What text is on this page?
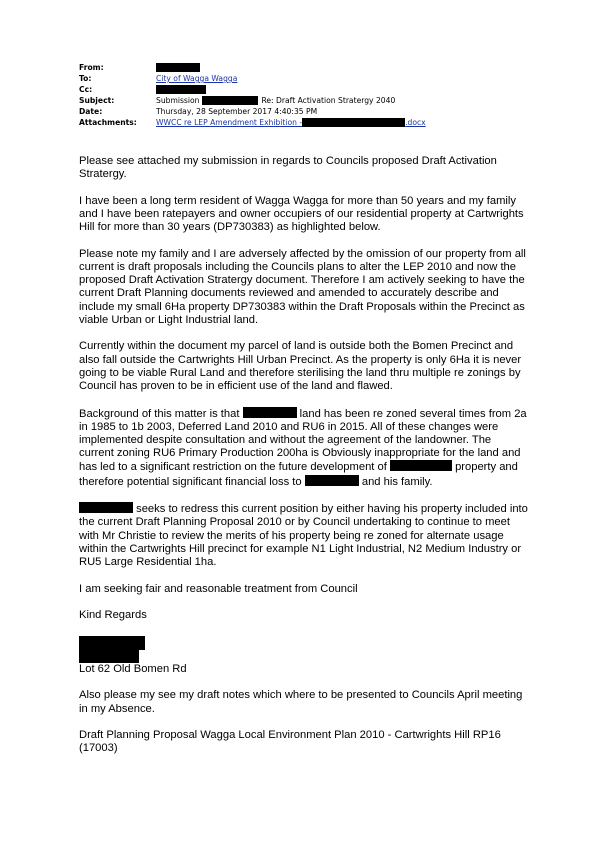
From:
To:	City of Wagga Wagga
Cc:
Subject:	Submission	Re: Draft Activation Stratergy 2040
Date:	Thursday, 28 September 2017 4:40:35 PM
Attachments:	WWCC re LEP Amendment Exhibition -	.docx

Please see attached my submission in regards to Councils proposed Draft Activation Stratergy.

I have been a long term resident of Wagga Wagga for more than 50 years and my family and I have been ratepayers and owner occupiers of our residential property at Cartwrights Hill for more than 30 years (DP730383) as highlighted below.

Please note my family and I are adversely affected by the omission of our property from all current is draft proposals including the Councils plans to alter the LEP 2010 and now the proposed Draft Activation Stratergy document. Therefore I am actively seeking to have the current Draft Planning documents reviewed and amended to accurately describe and include my small 6Ha property DP730383 within the Draft Proposals within the Precinct as viable Urban or Light Industrial land.

Currently within the document my parcel of land is outside both the Bomen Precinct and also fall outside the Cartwrights Hill Urban Precinct. As the property is only 6Ha it is never going to be viable Rural Land and therefore sterilising the land thru multiple re zonings by Council has proven to be in efficient use of the land and flawed.

Background of this matter is that	land has been re zoned several times from 2a in 1985 to 1b 2003, Deferred Land 2010 and RU6 in 2015. All of these changes were implemented despite consultation and without the agreement of the landowner. The current zoning RU6 Primary Production 200ha is Obviously inappropriate for the land and has led to a significant restriction on the future development of	property and therefore potential significant financial loss to	and his family.

seeks to redress this current position by either having his property included into the current Draft Planning Proposal 2010 or by Council undertaking to continue to meet with Mr Christie to review the merits of his property being re zoned for alternate usage within the Cartwrights Hill precinct for example N1 Light Industrial, N2 Medium Industry or RU5 Large Residential 1ha.

I am seeking fair and reasonable treatment from Council

Kind Regards

Lot 62 Old Bomen Rd

Also please my see my draft notes which where to be presented to Councils April meeting in my Absence.

Draft Planning Proposal Wagga Local Environment Plan 2010 - Cartwrights Hill RP16 (17003)
